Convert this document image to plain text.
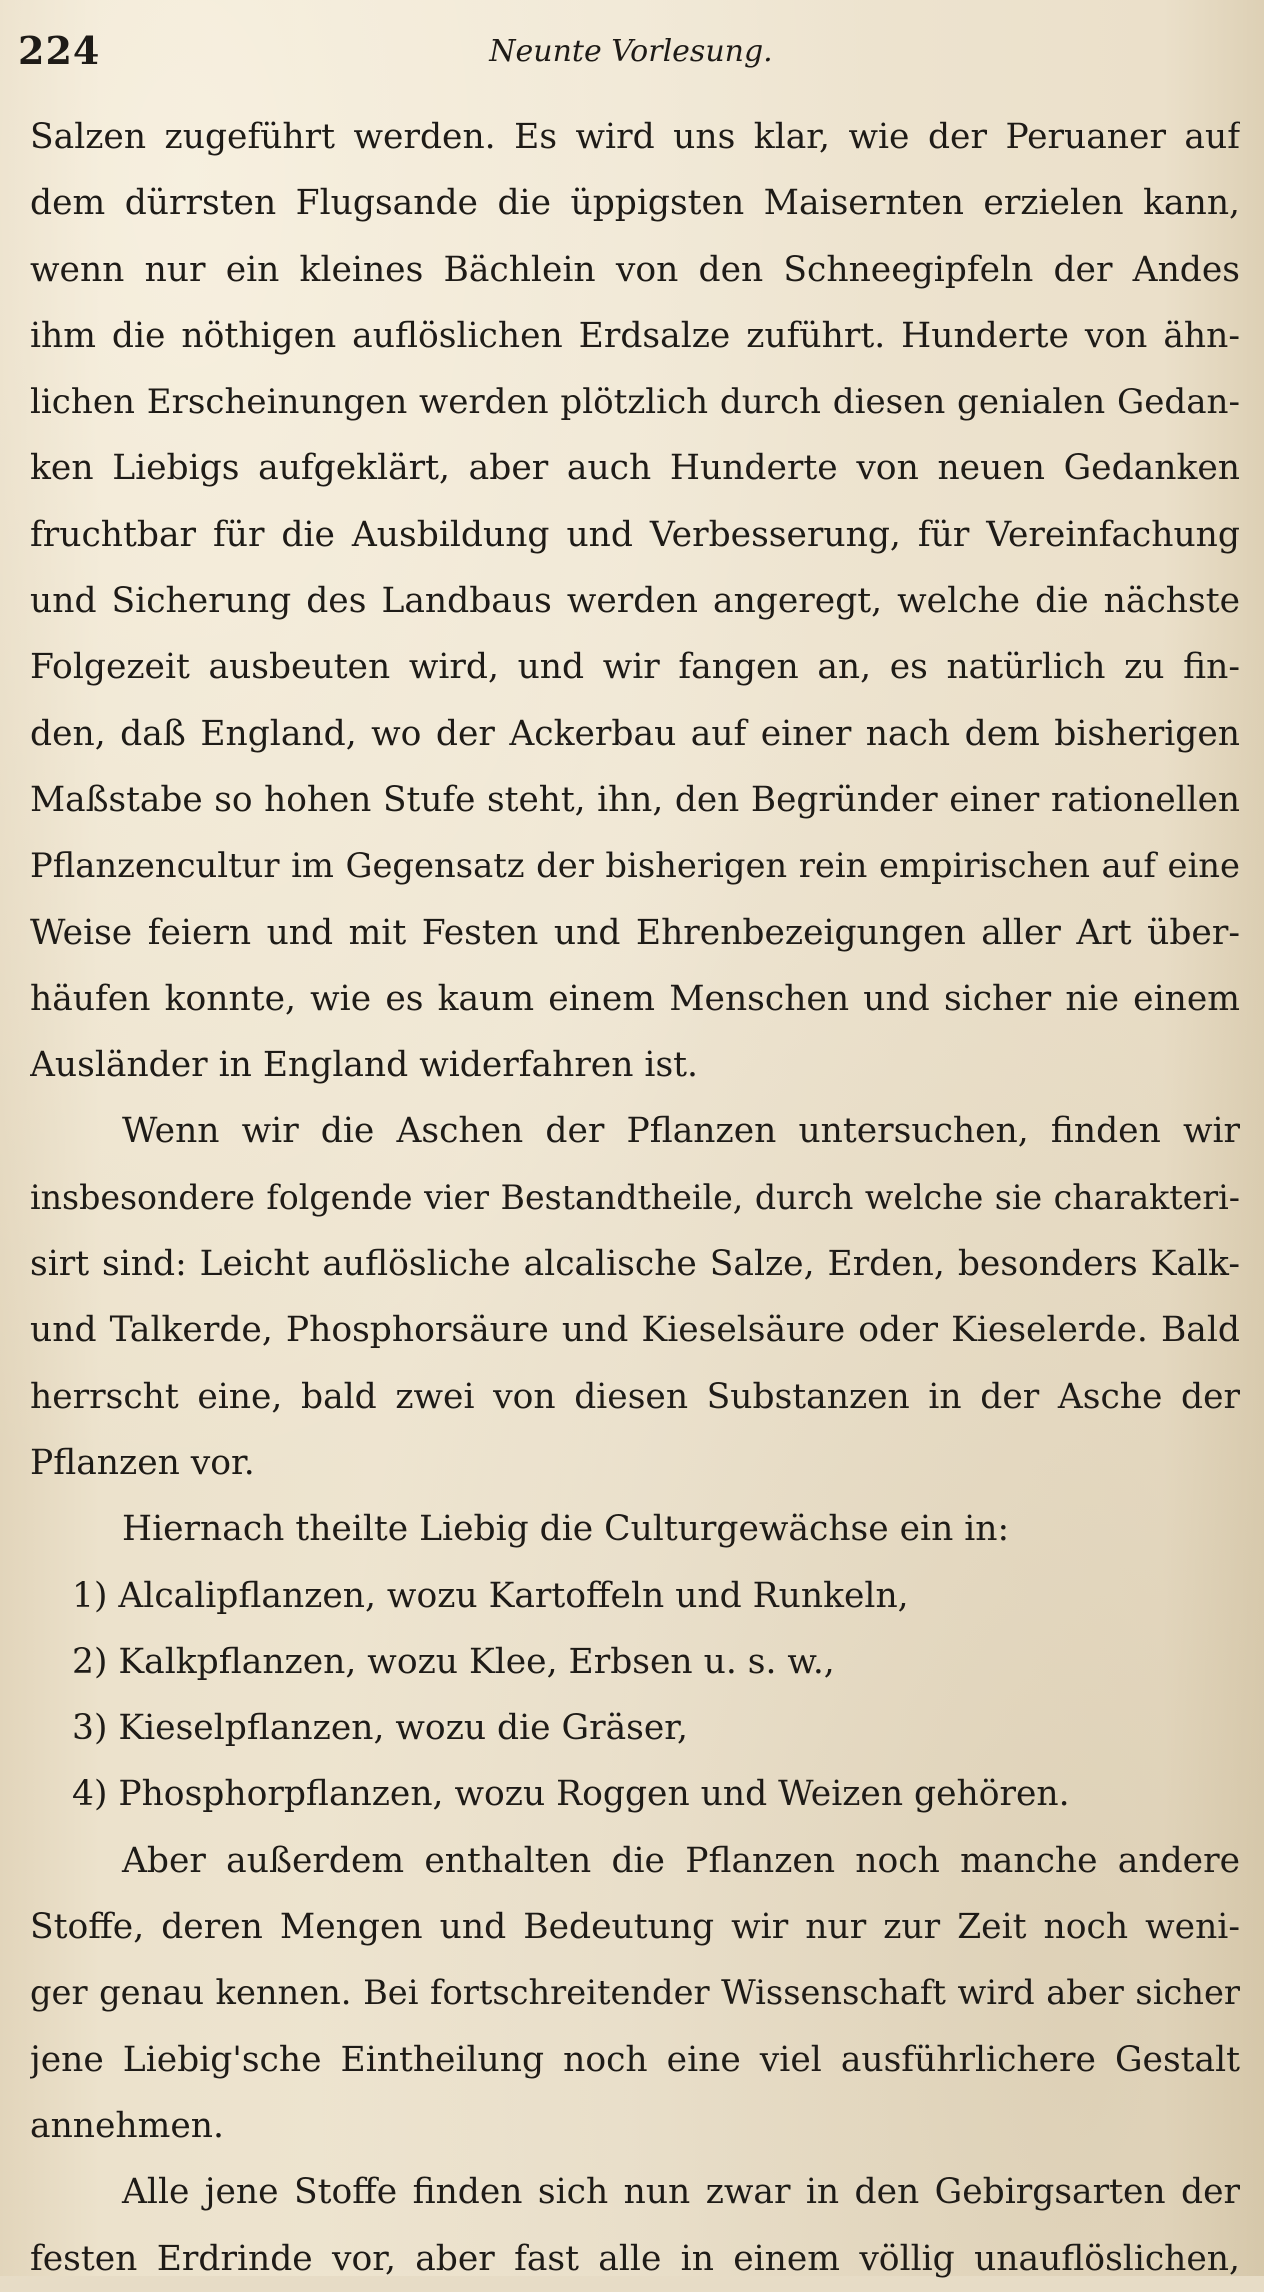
224	Neunte Vorlesung.
Salzen zugeführt werden. Es wird uns klar, wie der Peruaner auf
dem dürrsten Flugsande die üppigsten Maisernten erzielen kann,
wenn nur ein kleines Bächlein von den Schneegipfeln der Andes
ihm die nöthigen auflöslichen Erdsalze zuführt. Hunderte von ähn-
lichen Erscheinungen werden plötzlich durch diesen genialen Gedan-
ken Liebigs aufgeklärt, aber auch Hunderte von neuen Gedanken
fruchtbar für die Ausbildung und Verbesserung, für Vereinfachung
und Sicherung des Landbaus werden angeregt, welche die nächste
Folgezeit ausbeuten wird, und wir fangen an, es natürlich zu fin-
den, daß England, wo der Ackerbau auf einer nach dem bisherigen
Maßstabe so hohen Stufe steht, ihn, den Begründer einer rationellen
Pflanzencultur im Gegensatz der bisherigen rein empirischen auf eine
Weise feiern und mit Festen und Ehrenbezeigungen aller Art über-
häufen konnte, wie es kaum einem Menschen und sicher nie einem
Ausländer in England widerfahren ist.
Wenn wir die Aschen der Pflanzen untersuchen, finden wir
insbesondere folgende vier Bestandtheile, durch welche sie charakteri-
sirt sind: Leicht auflösliche alcalische Salze, Erden, besonders Kalk-
und Talkerde, Phosphorsäure und Kieselsäure oder Kieselerde. Bald
herrscht eine, bald zwei von diesen Substanzen in der Asche der
Pflanzen vor.
Hiernach theilte Liebig die Culturgewächse ein in:
1) Alcalipflanzen, wozu Kartoffeln und Runkeln,
2) Kalkpflanzen, wozu Klee, Erbsen u. s. w.,
3) Kieselpflanzen, wozu die Gräser,
4) Phosphorpflanzen, wozu Roggen und Weizen gehören.
Aber außerdem enthalten die Pflanzen noch manche andere
Stoffe, deren Mengen und Bedeutung wir nur zur Zeit noch weni-
ger genau kennen. Bei fortschreitender Wissenschaft wird aber sicher
jene Liebig'sche Eintheilung noch eine viel ausführlichere Gestalt
annehmen.
Alle jene Stoffe finden sich nun zwar in den Gebirgsarten der
festen Erdrinde vor, aber fast alle in einem völlig unauflöslichen,
